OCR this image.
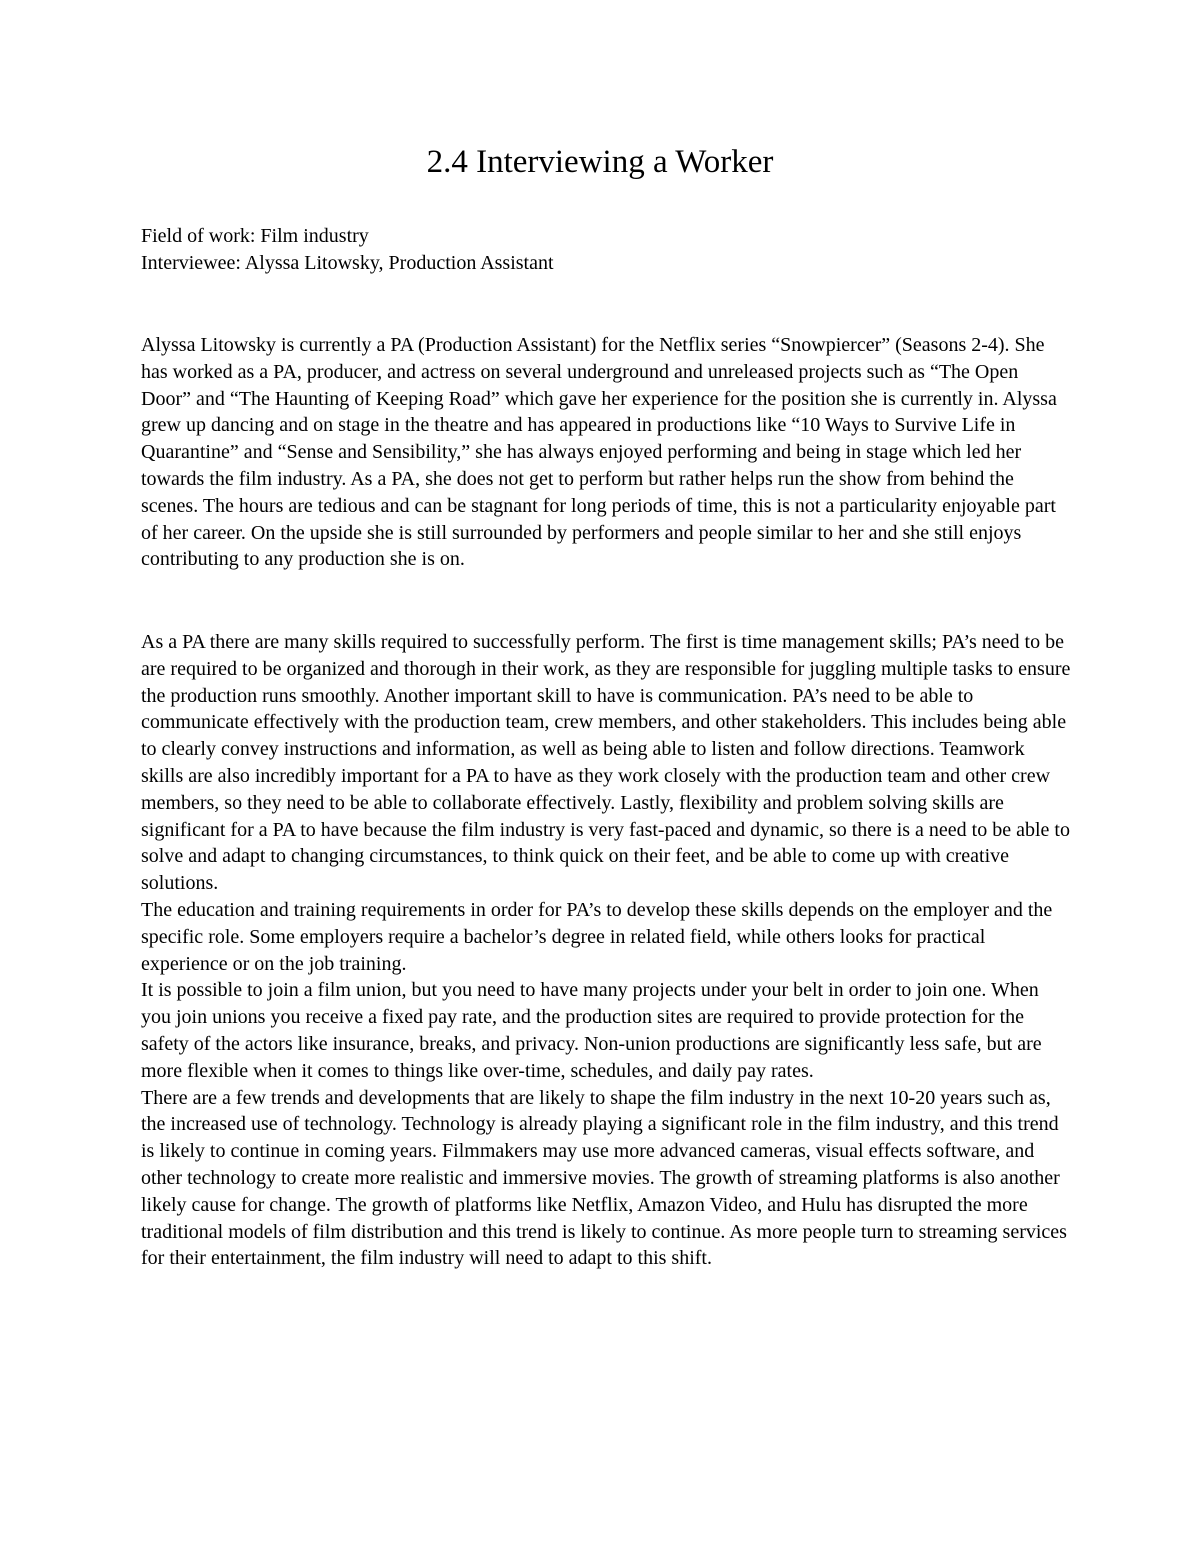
2.4 Interviewing a Worker
Field of work: Film industry
Interviewee: Alyssa Litowsky, Production Assistant

Alyssa Litowsky is currently a PA (Production Assistant) for the Netflix series “Snowpiercer” (Seasons 2-4). She has worked as a PA, producer, and actress on several underground and unreleased projects such as “The Open Door” and “The Haunting of Keeping Road” which gave her experience for the position she is currently in. Alyssa grew up dancing and on stage in the theatre and has appeared in productions like “10 Ways to Survive Life in Quarantine” and “Sense and Sensibility,” she has always enjoyed performing and being in stage which led her towards the film industry. As a PA, she does not get to perform but rather helps run the show from behind the scenes. The hours are tedious and can be stagnant for long periods of time, this is not a particularity enjoyable part of her career. On the upside she is still surrounded by performers and people similar to her and she still enjoys contributing to any production she is on.

As a PA there are many skills required to successfully perform. The first is time management skills; PA’s need to be are required to be organized and thorough in their work, as they are responsible for juggling multiple tasks to ensure the production runs smoothly. Another important skill to have is communication. PA’s need to be able to communicate effectively with the production team, crew members, and other stakeholders. This includes being able to clearly convey instructions and information, as well as being able to listen and follow directions. Teamwork skills are also incredibly important for a PA to have as they work closely with the production team and other crew members, so they need to be able to collaborate effectively. Lastly, flexibility and problem solving skills are significant for a PA to have because the film industry is very fast-paced and dynamic, so there is a need to be able to solve and adapt to changing circumstances, to think quick on their feet, and be able to come up with creative solutions.

The education and training requirements in order for PA’s to develop these skills depends on the employer and the specific role. Some employers require a bachelor’s degree in related field, while others looks for practical experience or on the job training.

It is possible to join a film union, but you need to have many projects under your belt in order to join one. When you join unions you receive a fixed pay rate, and the production sites are required to provide protection for the safety of the actors like insurance, breaks, and privacy. Non-union productions are significantly less safe, but are more flexible when it comes to things like over-time, schedules, and daily pay rates.

There are a few trends and developments that are likely to shape the film industry in the next 10-20 years such as, the increased use of technology. Technology is already playing a significant role in the film industry, and this trend is likely to continue in coming years. Filmmakers may use more advanced cameras, visual effects software, and other technology to create more realistic and immersive movies. The growth of streaming platforms is also another likely cause for change. The growth of platforms like Netflix, Amazon Video, and Hulu has disrupted the more traditional models of film distribution and this trend is likely to continue. As more people turn to streaming services for their entertainment, the film industry will need to adapt to this shift.
